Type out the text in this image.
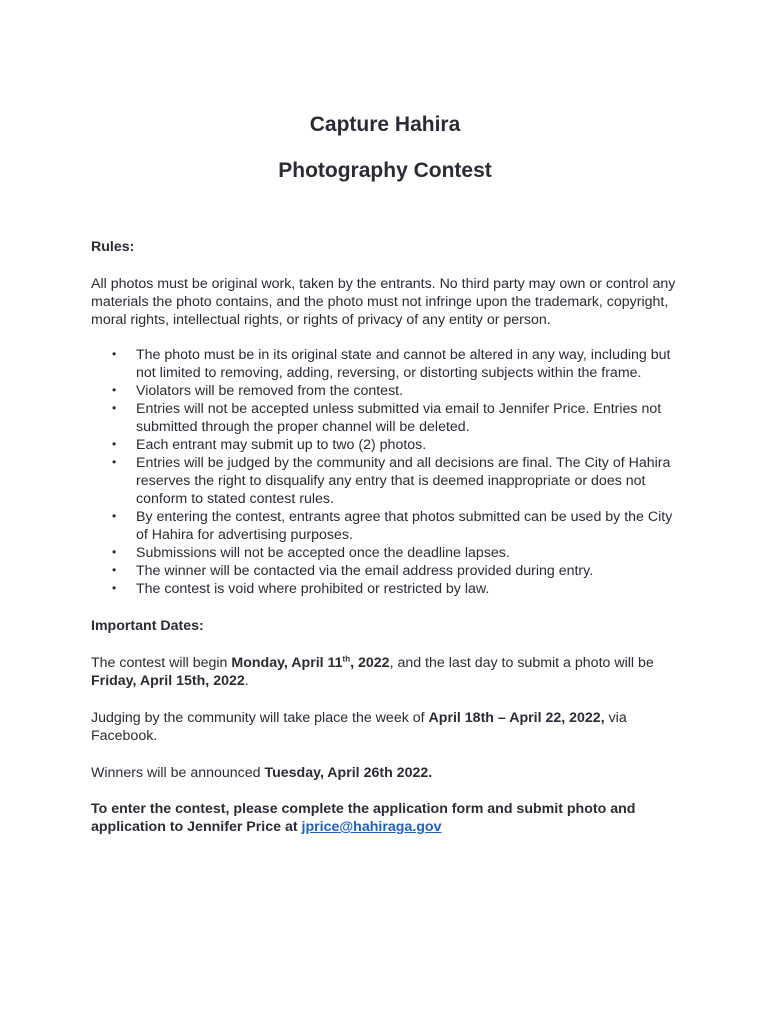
Capture Hahira
Photography Contest

Rules:

All photos must be original work, taken by the entrants. No third party may own or control any materials the photo contains, and the photo must not infringe upon the trademark, copyright, moral rights, intellectual rights, or rights of privacy of any entity or person.

• The photo must be in its original state and cannot be altered in any way, including but not limited to removing, adding, reversing, or distorting subjects within the frame.
• Violators will be removed from the contest.
• Entries will not be accepted unless submitted via email to Jennifer Price. Entries not submitted through the proper channel will be deleted.
• Each entrant may submit up to two (2) photos.
• Entries will be judged by the community and all decisions are final. The City of Hahira reserves the right to disqualify any entry that is deemed inappropriate or does not conform to stated contest rules.
• By entering the contest, entrants agree that photos submitted can be used by the City of Hahira for advertising purposes.
• Submissions will not be accepted once the deadline lapses.
• The winner will be contacted via the email address provided during entry.
• The contest is void where prohibited or restricted by law.

Important Dates:

The contest will begin Monday, April 11th, 2022, and the last day to submit a photo will be Friday, April 15th, 2022.

Judging by the community will take place the week of April 18th – April 22, 2022, via Facebook.

Winners will be announced Tuesday, April 26th 2022.

To enter the contest, please complete the application form and submit photo and application to Jennifer Price at jprice@hahiraga.gov
